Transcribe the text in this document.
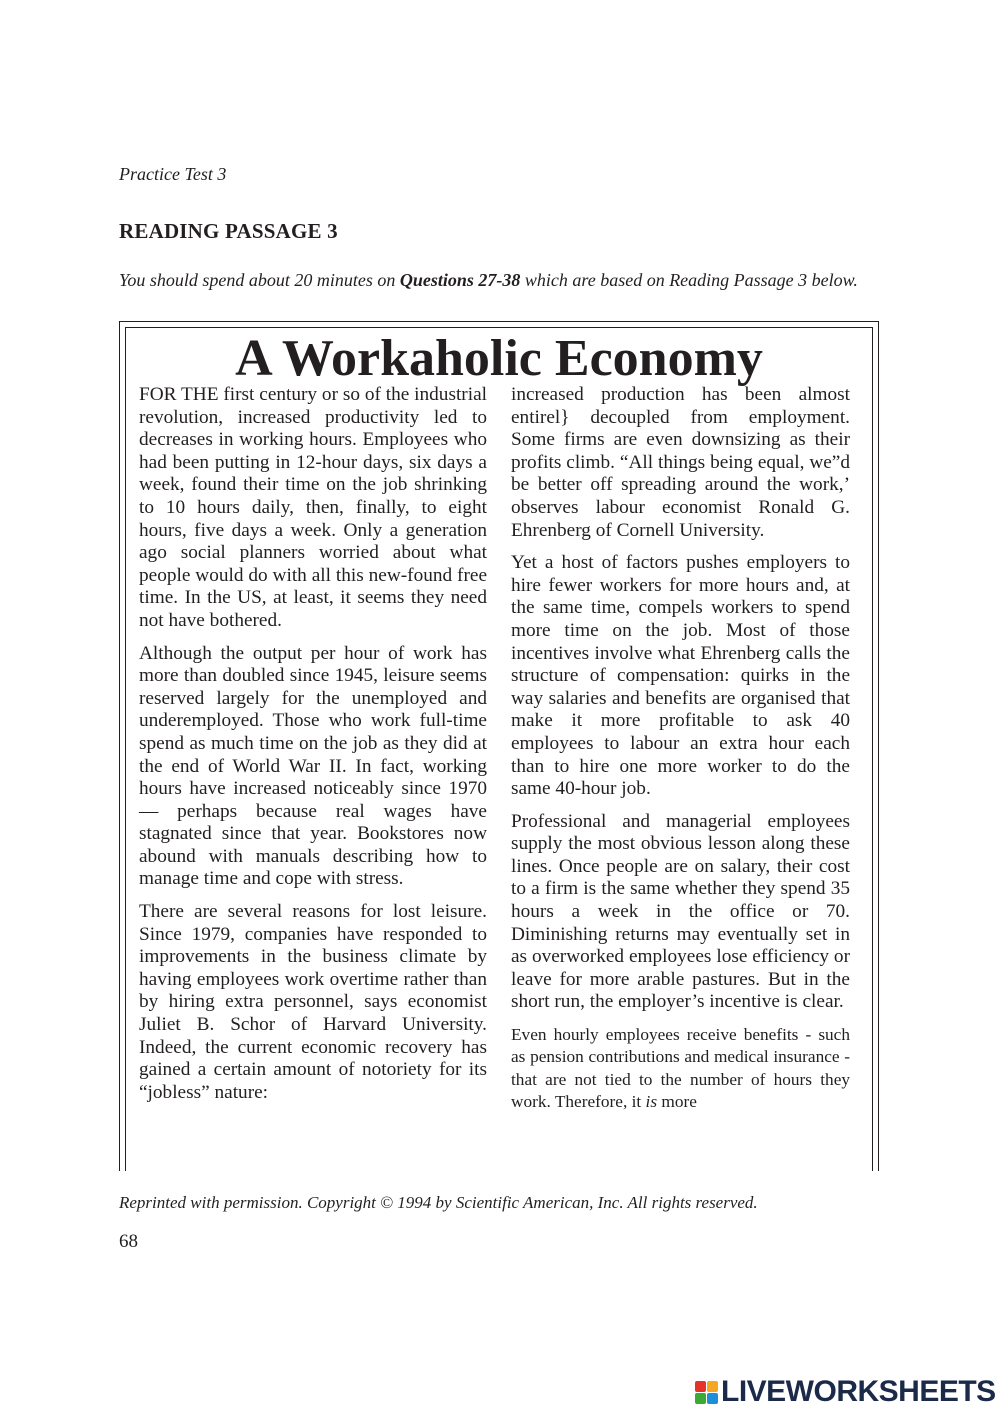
Practice Test 3
READING PASSAGE 3
You should spend about 20 minutes on Questions 27-38 which are based on Reading Passage 3 below.
A Workaholic Economy

FOR THE first century or so of the industrial revolution, increased productivity led to decreases in working hours. Employees who had been putting in 12-hour days, six days a week, found their time on the job shrinking to 10 hours daily, then, finally, to eight hours, five days a week. Only a generation ago social planners worried about what people would do with all this new-found free time. In the US, at least, it seems they need not have bothered.

Although the output per hour of work has more than doubled since 1945, leisure seems reserved largely for the unemployed and underemployed. Those who work full-time spend as much time on the job as they did at the end of World War II. In fact, working hours have increased noticeably since 1970 — perhaps because real wages have stagnated since that year. Bookstores now abound with manuals describing how to manage time and cope with stress.

There are several reasons for lost leisure. Since 1979, companies have responded to improvements in the business climate by having employees work overtime rather than by hiring extra personnel, says economist Juliet B. Schor of Harvard University. Indeed, the current economic recovery has gained a certain amount of notoriety for its “jobless” nature:

increased production has been almost entirel} decoupled from employment. Some firms are even downsizing as their profits climb. “All things being equal, we”d be better off spreading around the work,’ observes labour economist Ronald G. Ehrenberg of Cornell University.

Yet a host of factors pushes employers to hire fewer workers for more hours and, at the same time, compels workers to spend more time on the job. Most of those incentives involve what Ehrenberg calls the structure of compensation: quirks in the way salaries and benefits are organised that make it more profitable to ask 40 employees to labour an extra hour each than to hire one more worker to do the same 40-hour job.

Professional and managerial employees supply the most obvious lesson along these lines. Once people are on salary, their cost to a firm is the same whether they spend 35 hours a week in the office or 70. Diminishing returns may eventually set in as overworked employees lose efficiency or leave for more arable pastures. But in the short run, the employer’s incentive is clear.

Even hourly employees receive benefits - such as pension contributions and medical insurance - that are not tied to the number of hours they work. Therefore, it is more

Reprinted with permission. Copyright © 1994 by Scientific American, Inc. All rights reserved.
68
LIVEWORKSHEETS
